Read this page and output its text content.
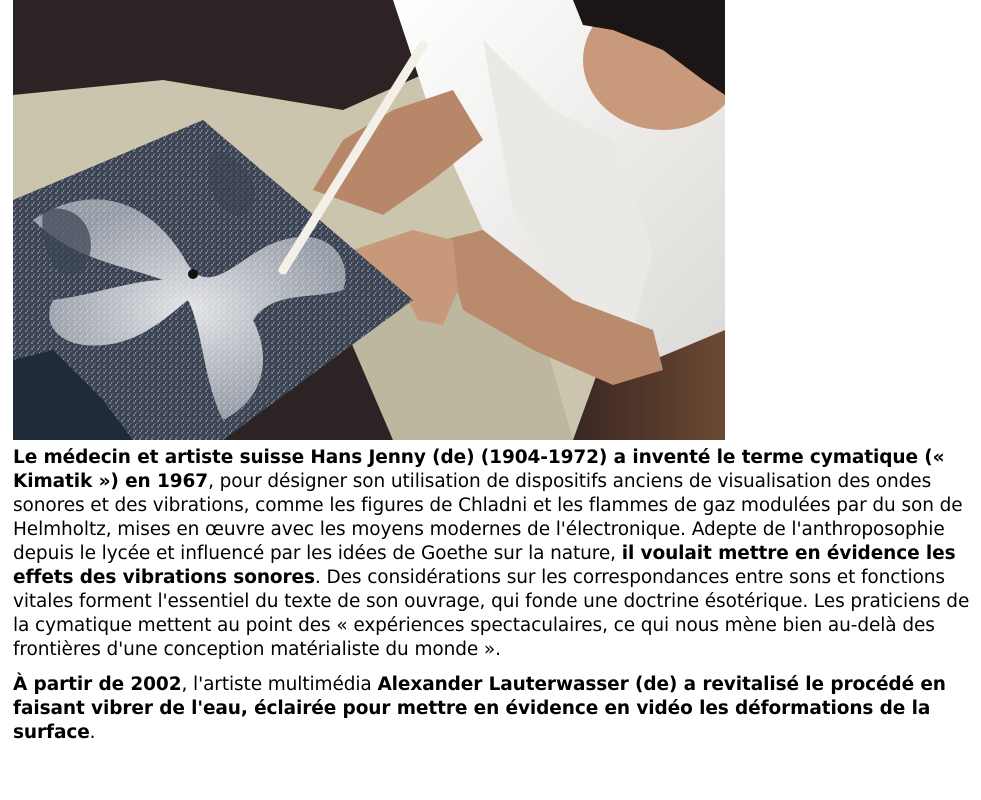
Le médecin et artiste suisse Hans Jenny (de) (1904-1972) a inventé le terme cymatique (« Kimatik ») en 1967, pour désigner son utilisation de dispositifs anciens de visualisation des ondes sonores et des vibrations, comme les figures de Chladni et les flammes de gaz modulées par du son de Helmholtz, mises en œuvre avec les moyens modernes de l'électronique. Adepte de l'anthroposophie depuis le lycée et influencé par les idées de Goethe sur la nature, il voulait mettre en évidence les effets des vibrations sonores. Des considérations sur les correspondances entre sons et fonctions vitales forment l'essentiel du texte de son ouvrage, qui fonde une doctrine ésotérique. Les praticiens de la cymatique mettent au point des « expériences spectaculaires, ce qui nous mène bien au-delà des frontières d'une conception matérialiste du monde ».

À partir de 2002, l'artiste multimédia Alexander Lauterwasser (de) a revitalisé le procédé en faisant vibrer de l'eau, éclairée pour mettre en évidence en vidéo les déformations de la surface.
